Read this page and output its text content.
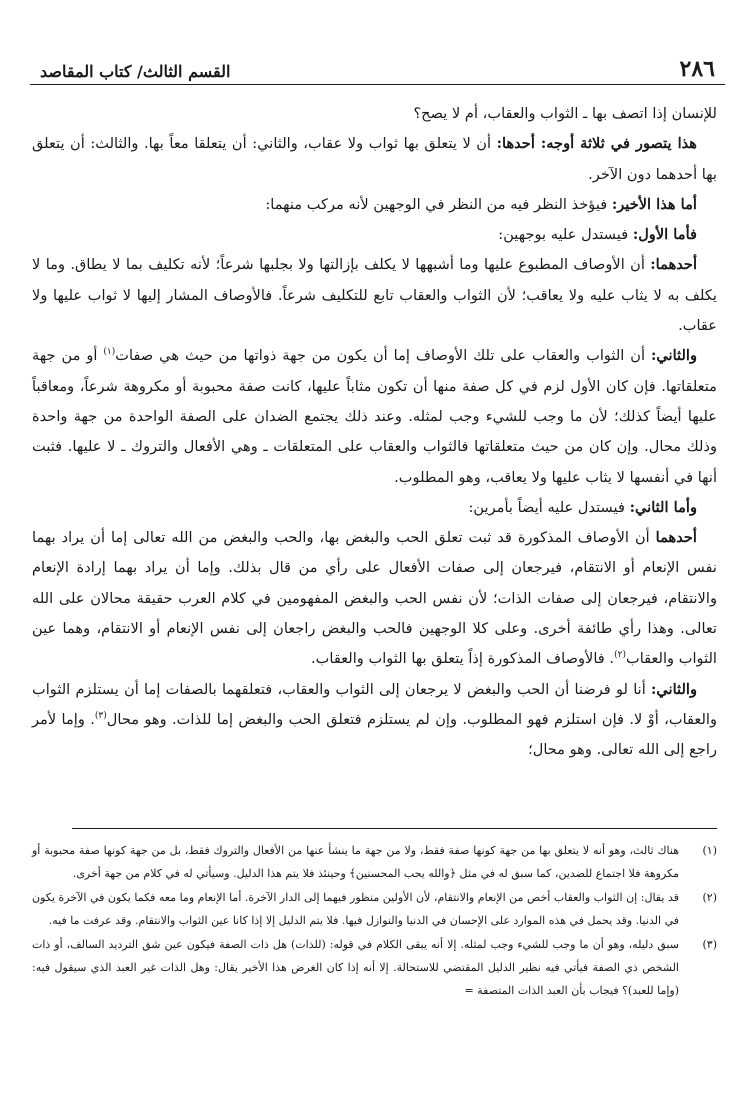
٢٨٦
القسم الثالث/ كتاب المقاصد

للإنسان إذا اتصف بها ـ الثواب والعقاب، أم لا يصح؟

هذا يتصور في ثلاثة أوجه: أحدها: أن لا يتعلق بها ثواب ولا عقاب، والثاني: أن يتعلقا معاً بها. والثالث: أن يتعلق بها أحدهما دون الآخر.

أما هذا الأخير: فيؤخذ النظر فيه من النظر في الوجهين لأنه مركب منهما:

فأما الأول: فيستدل عليه بوجهين:

أحدهما: أن الأوصاف المطبوع عليها وما أشبهها لا يكلف بإزالتها ولا بجلبها شرعاً؛ لأنه تكليف بما لا يطاق. وما لا يكلف به لا يثاب عليه ولا يعاقب؛ لأن الثواب والعقاب تابع للتكليف شرعاً. فالأوصاف المشار إليها لا ثواب عليها ولا عقاب.

والثاني: أن الثواب والعقاب على تلك الأوصاف إما أن يكون من جهة ذواتها من حيث هي صفات$^{(١)}$ أو من جهة متعلقاتها. فإن كان الأول لزم في كل صفة منها أن تكون مثاباً عليها، كانت صفة محبوبة أو مكروهة شرعاً، ومعاقباً عليها أيضاً كذلك؛ لأن ما وجب للشيء وجب لمثله. وعند ذلك يجتمع الضدان على الصفة الواحدة من جهة واحدة وذلك محال. وإن كان من حيث متعلقاتها فالثواب والعقاب على المتعلقات ـ وهي الأفعال والتروك ـ لا عليها. فثبت أنها في أنفسها لا يثاب عليها ولا يعاقب، وهو المطلوب.

وأما الثاني: فيستدل عليه أيضاً بأمرين:

أحدهما أن الأوصاف المذكورة قد ثبت تعلق الحب والبغض بها، والحب والبغض من الله تعالى إما أن يراد بهما نفس الإنعام أو الانتقام، فيرجعان إلى صفات الأفعال على رأي من قال بذلك. وإما أن يراد بهما إرادة الإنعام والانتقام، فيرجعان إلى صفات الذات؛ لأن نفس الحب والبغض المفهومين في كلام العرب حقيقة محالان على الله تعالى. وهذا رأي طائفة أخرى. وعلى كلا الوجهين فالحب والبغض راجعان إلى نفس الإنعام أو الانتقام، وهما عين الثواب والعقاب$^{(٢)}$. فالأوصاف المذكورة إذاً يتعلق بها الثواب والعقاب.

والثاني: أنا لو فرضنا أن الحب والبغض لا يرجعان إلى الثواب والعقاب، فتعلقهما بالصفات إما أن يستلزم الثواب والعقاب، أوْ لا. فإن استلزم فهو المطلوب. وإن لم يستلزم فتعلق الحب والبغض إما للذات. وهو محال$^{(٣)}$. وإما لأمر راجع إلى الله تعالى. وهو محال؛

(١)
هناك ثالث، وهو أنه لا يتعلق بها من جهة كونها صفة فقط، ولا من جهة ما ينشأ عنها من الأفعال والتروك فقط، بل من جهة كونها صفة محبوبة أو مكروهة فلا اجتماع للضدين، كما سبق له في مثل ﴿والله يحب المحسنين﴾ وحينئذ فلا يتم هذا الدليل. وسيأتي له في كلام من جهة أخرى.
(٢)
قد يقال: إن الثواب والعقاب أخص من الإنعام والانتقام، لأن الأولين منظور فيهما إلى الدار الآخرة. أما الإنعام وما معه فكما يكون في الآخرة يكون في الدنيا. وقد يحمل في هذه الموارد على الإحسان في الدنيا والنوازل فيها. فلا يتم الدليل إلا إذا كانا عين الثواب والانتقام. وقد عرفت ما فيه.
(٣)
سبق دليله، وهو أن ما وجب للشيء وجب لمثله. إلا أنه يبقى الكلام في قوله: (للذات) هل ذات الصفة فيكون عين شق الترديد السالف، أو ذات الشخص ذي الصفة فيأتي فيه نظير الدليل المقتضي للاستحالة. إلا أنه إذا كان الغرض هذا الأخير يقال: وهل الذات غير العبد الذي سيقول فيه: (وإما للعبد)؟ فيجاب بأن العبد الذات المتصفة =
